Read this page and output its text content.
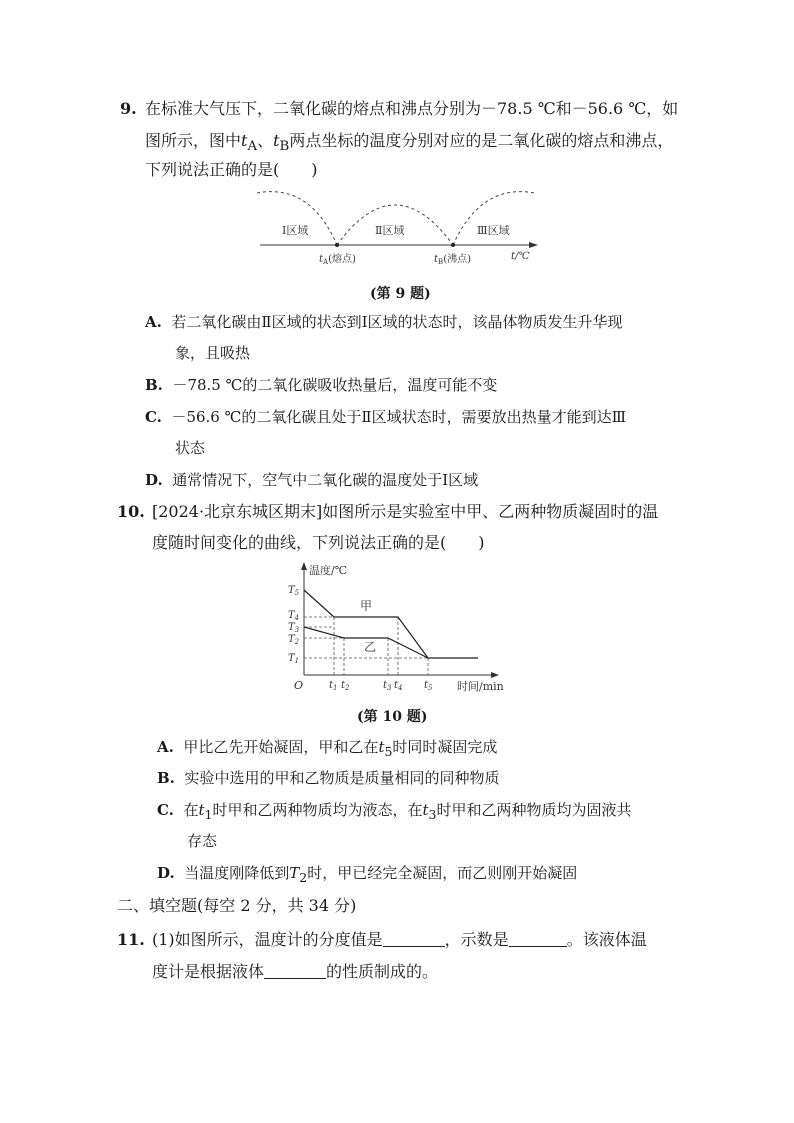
9. 在标准大气压下，二氧化碳的熔点和沸点分别为－78.5 ℃和－56.6 ℃，如
图所示，图中$t_A$、$t_B$两点坐标的温度分别对应的是二氧化碳的熔点和沸点，
下列说法正确的是(　　)
Ⅰ区域	Ⅱ区域	Ⅲ区域
$t_A$(熔点)	$t_B$(沸点)	t/℃
(第 9 题)
A. 若二氧化碳由Ⅱ区域的状态到Ⅰ区域的状态时，该晶体物质发生升华现
象，且吸热
B. －78.5 ℃的二氧化碳吸收热量后，温度可能不变
C. －56.6 ℃的二氧化碳且处于Ⅱ区域状态时，需要放出热量才能到达Ⅲ
状态
D. 通常情况下，空气中二氧化碳的温度处于Ⅰ区域
10. [2024·北京东城区期末]如图所示是实验室中甲、乙两种物质凝固时的温
度随时间变化的曲线，下列说法正确的是(　　)
温度/℃
时间/min
O
甲
乙
$T_5$
$T_4$
$T_3$
$T_2$
$T_1$
$t_1$ $t_2$	$t_3$ $t_4$ $t_5$
(第 10 题)
A. 甲比乙先开始凝固，甲和乙在$t_5$时同时凝固完成
B. 实验中选用的甲和乙物质是质量相同的同种物质
C. 在$t_1$时甲和乙两种物质均为液态，在$t_3$时甲和乙两种物质均为固液共
存态
D. 当温度刚降低到$T_2$时，甲已经完全凝固，而乙则刚开始凝固
二、填空题(每空 2 分，共 34 分)
11. (1)如图所示，温度计的分度值是	，示数是	。该液体温
度计是根据液体	的性质制成的。
